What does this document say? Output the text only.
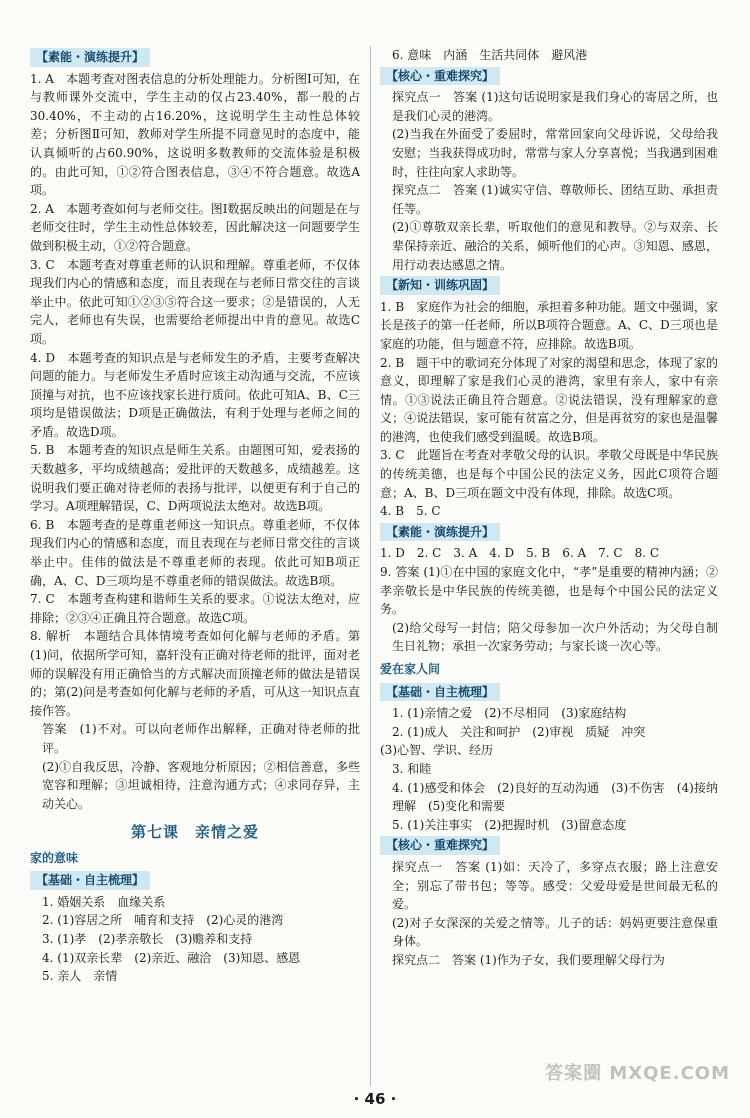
【素能・演练提升】

1. A　本题考查对图表信息的分析处理能力。分析图Ⅰ可知，在与教师课外交流中，学生主动的仅占23.40%，都一般的占30.40%，不主动的占16.20%，这说明学生主动性总体较差；分析图Ⅱ可知，教师对学生所提不同意见时的态度中，能认真倾听的占60.90%，这说明多数教师的交流体验是积极的。由此可知，①②符合图表信息，③④不符合题意。故选A项。

2. A　本题考查如何与老师交往。图Ⅰ数据反映出的问题是在与老师交往时，学生主动性总体较差，因此解决这一问题要学生做到积极主动，①②符合题意。

3. C　本题考查对尊重老师的认识和理解。尊重老师，不仅体现我们内心的情感和态度，而且表现在与老师日常交往的言谈举止中。依此可知①②③⑤符合这一要求；②是错误的，人无完人，老师也有失误，也需要给老师提出中肯的意见。故选C项。

4. D　本题考查的知识点是与老师发生的矛盾，主要考查解决问题的能力。与老师发生矛盾时应该主动沟通与交流，不应该顶撞与对抗，也不应该找家长进行质问。依此可知A、B、C三项均是错误做法；D项是正确做法，有利于处理与老师之间的矛盾。故选D项。

5. B　本题考查的知识点是师生关系。由题图可知，爱表扬的天数越多，平均成绩越高；爱批评的天数越多，成绩越差。这说明我们要正确对待老师的表扬与批评，以便更有利于自己的学习。A项理解错误，C、D两项说法太绝对。故选B项。

6. B　本题考查的是尊重老师这一知识点。尊重老师，不仅体现我们内心的情感和态度，而且表现在与老师日常交往的言谈举止中。佳伟的做法是不尊重老师的表现。依此可知B项正确，A、C、D三项均是不尊重老师的错误做法。故选B项。

7. C　本题考查构建和谐师生关系的要求。①说法太绝对，应排除；②③④正确且符合题意。故选C项。

8. 解析　本题结合具体情境考查如何化解与老师的矛盾。第(1)问，依据所学可知，嘉轩没有正确对待老师的批评，面对老师的误解没有用正确恰当的方式解决而顶撞老师的做法是错误的；第(2)问是考查如何化解与老师的矛盾，可从这一知识点直接作答。

答案　(1)不对。可以向老师作出解释，正确对待老师的批评。

(2)①自我反思，冷静、客观地分析原因；②相信善意，多些宽容和理解；③坦诚相待，注意沟通方式；④求同存异，主动关心。

第七课　亲情之爱
家的意味
【基础・自主梳理】

1. 婚姻关系　血缘关系

2. (1)容居之所　哺育和支持　(2)心灵的港湾

3. (1)孝　(2)孝亲敬长　(3)赡养和支持

4. (1)双亲长辈　(2)亲近、融洽　(3)知恩、感恩

5. 亲人　亲情

6. 意味　内涵　生活共同体　避风港

【核心・重难探究】

探究点一　答案 (1)这句话说明家是我们身心的寄居之所，也是我们心灵的港湾。

(2)当我在外面受了委屈时，常常回家向父母诉说，父母给我安慰；当我获得成功时，常常与家人分享喜悦；当我遇到困难时，往往向家人求助等。

探究点二　答案 (1)诚实守信、尊敬师长、团结互助、承担责任等。

(2)①尊敬双亲长辈，听取他们的意见和教导。②与双亲、长辈保持亲近、融洽的关系，倾听他们的心声。③知恩、感恩，用行动表达感恩之情。

【新知・训练巩固】

1. B　家庭作为社会的细胞，承担着多种功能。题文中强调，家长是孩子的第一任老师，所以B项符合题意。A、C、D三项也是家庭的功能，但与题意不符，应排除。故选B项。

2. B　题干中的歌词充分体现了对家的渴望和思念，体现了家的意义，即理解了家是我们心灵的港湾，家里有亲人，家中有亲情。①③说法正确且符合题意。②说法错误，没有理解家的意义；④说法错误，家可能有贫富之分，但是再贫穷的家也是温馨的港湾，也使我们感受到温暖。故选B项。

3. C　此题旨在考查对孝敬父母的认识。孝敬父母既是中华民族的传统美德，也是每个中国公民的法定义务，因此C项符合题意；A、B、D三项在题文中没有体现，排除。故选C项。

4. B　5. C

【素能・演练提升】

1. D　2. C　3. A　4. D　5. B　6. A　7. C　8. C

9. 答案 (1)①在中国的家庭文化中，“孝”是重要的精神内涵；②孝亲敬长是中华民族的传统美德，也是每个中国公民的法定义务。

(2)给父母写一封信；陪父母参加一次户外活动；为父母自制生日礼物；承担一次家务劳动；与家长谈一次心等。

爱在家人间
【基础・自主梳理】

1. (1)亲情之爱　(2)不尽相同　(3)家庭结构

2. (1)成人　关注和呵护　(2)审视　质疑　冲突

(3)心智、学识、经历

3. 和睦

4. (1)感受和体会　(2)良好的互动沟通　(3)不伤害　(4)接纳　理解　(5)变化和需要

5. (1)关注事实　(2)把握时机　(3)留意态度

【核心・重难探究】

探究点一　答案 (1)如：天冷了，多穿点衣服；路上注意安全；别忘了带书包；等等。感受：父爱母爱是世间最无私的爱。

(2)对子女深深的关爱之情等。儿子的话：妈妈更要注意保重身体。

探究点二　答案 (1)作为子女，我们要理解父母行为

· 46 ·
答案圈 MXQE.COM
